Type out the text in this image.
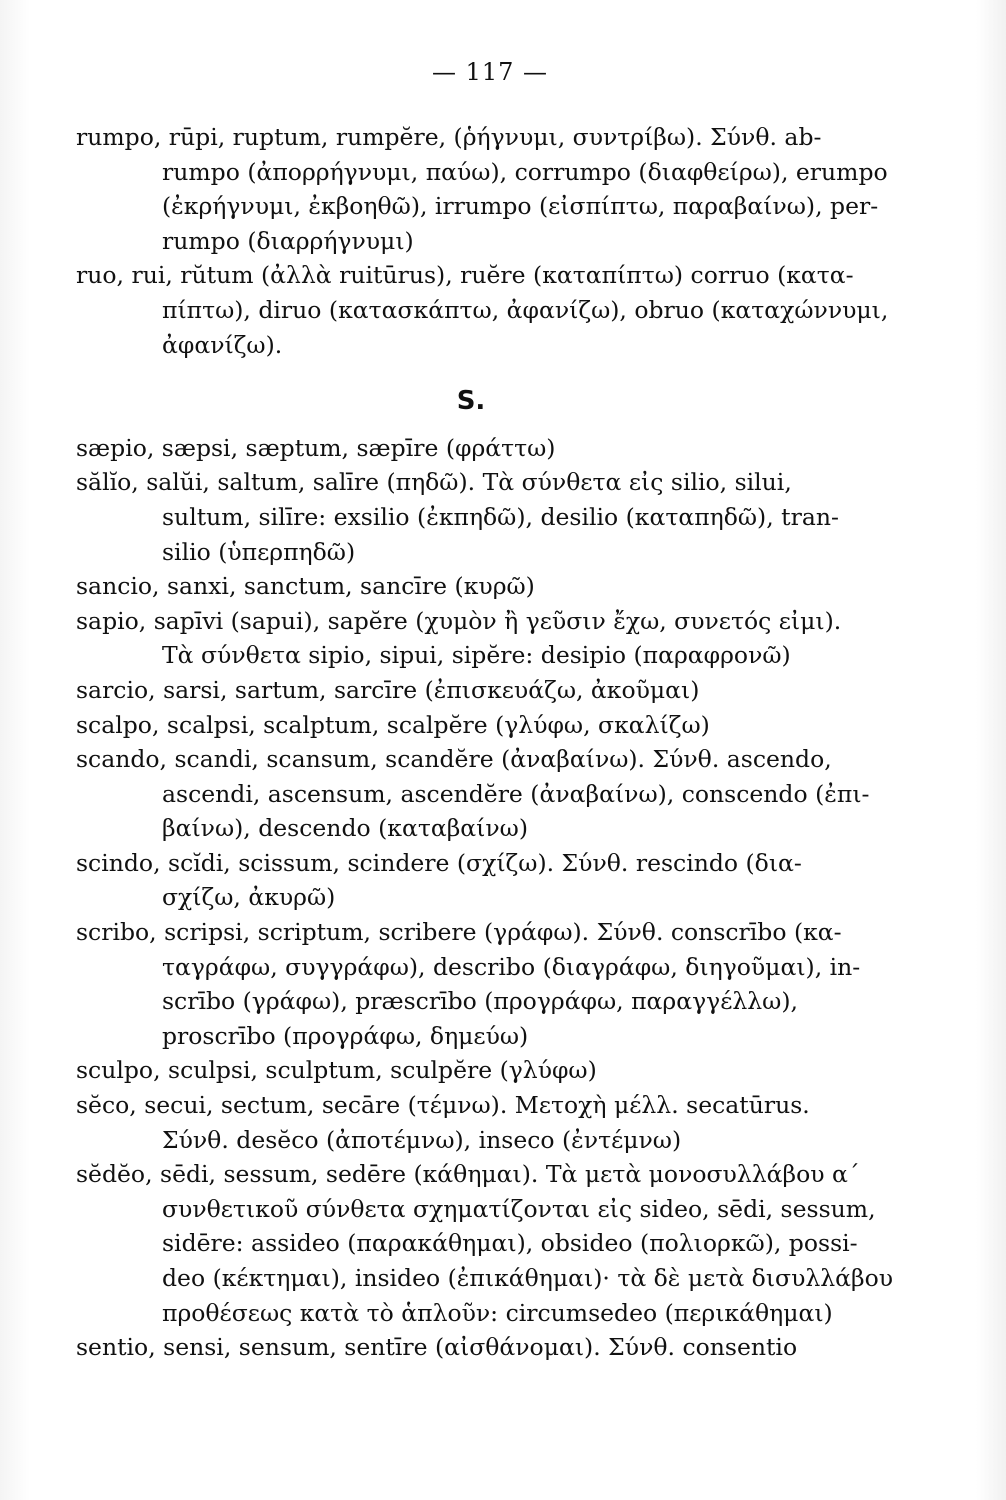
— 117 —
rumpo, rūpi, ruptum, rumpĕre, (ῥήγνυμι, συντρίβω). Σύνθ. ab-
rumpo (ἀπορρήγνυμι, παύω), corrumpo (διαφθείρω), erumpo
(ἐκρήγνυμι, ἐκβοηθῶ), irrumpo (εἰσπίπτω, παραβαίνω), per-
rumpo (διαρρήγνυμι)
ruo, rui, rŭtum (ἀλλὰ ruitūrus), ruĕre (καταπίπτω) corruo (κατα-
πίπτω), diruo (κατασκάπτω, ἀφανίζω), obruo (καταχώννυμι,
ἀφανίζω).
S.
sæpio, sæpsi, sæptum, sæpīre (φράττω)
sălĭo, salŭi, saltum, salīre (πηδῶ). Τὰ σύνθετα εἰς silio, silui,
sultum, silīre: exsilio (ἐκπηδῶ), desilio (καταπηδῶ), tran-
silio (ὑπερπηδῶ)
sancio, sanxi, sanctum, sancīre (κυρῶ)
sapio, sapīvi (sapui), sapĕre (χυμὸν ἢ γεῦσιν ἔχω, συνετός εἰμι).
Τὰ σύνθετα sipio, sipui, sipĕre: desipio (παραφρονῶ)
sarcio, sarsi, sartum, sarcīre (ἐπισκευάζω, ἀκοῦμαι)
scalpo, scalpsi, scalptum, scalpĕre (γλύφω, σκαλίζω)
scando, scandi, scansum, scandĕre (ἀναβαίνω). Σύνθ. ascendo,
ascendi, ascensum, ascendĕre (ἀναβαίνω), conscendo (ἐπι-
βαίνω), descendo (καταβαίνω)
scindo, scĭdi, scissum, scindere (σχίζω). Σύνθ. rescindo (δια-
σχίζω, ἀκυρῶ)
scribo, scripsi, scriptum, scribere (γράφω). Σύνθ. conscrībo (κα-
ταγράφω, συγγράφω), describo (διαγράφω, διηγοῦμαι), in-
scrībo (γράφω), præscrībo (προγράφω, παραγγέλλω),
proscrībo (προγράφω, δημεύω)
sculpo, sculpsi, sculptum, sculpĕre (γλύφω)
sĕco, secui, sectum, secāre (τέμνω). Μετοχὴ μέλλ. secatūrus.
Σύνθ. desĕco (ἀποτέμνω), inseco (ἐντέμνω)
sĕdĕo, sēdi, sessum, sedēre (κάθημαι). Τὰ μετὰ μονοσυλλάβου α΄
συνθετικοῦ σύνθετα σχηματίζονται εἰς sideo, sēdi, sessum,
sidēre: assideo (παρακάθημαι), obsideo (πολιορκῶ), possi-
deo (κέκτημαι), insideo (ἐπικάθημαι)· τὰ δὲ μετὰ δισυλλάβου
προθέσεως κατὰ τὸ ἁπλοῦν: circumsedeo (περικάθημαι)
sentio, sensi, sensum, sentīre (αἰσθάνομαι). Σύνθ. consentio
